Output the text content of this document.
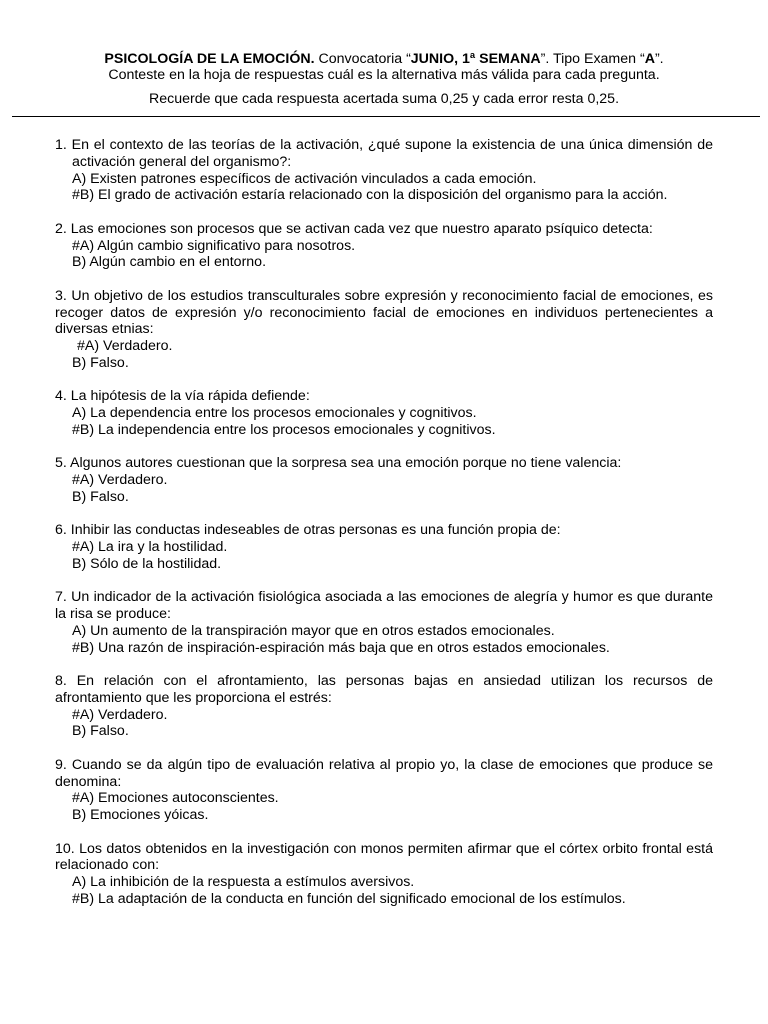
PSICOLOGÍA DE LA EMOCIÓN. Convocatoria “JUNIO, 1ª SEMANA”. Tipo Examen “A”.
Conteste en la hoja de respuestas cuál es la alternativa más válida para cada pregunta.
Recuerde que cada respuesta acertada suma 0,25 y cada error resta 0,25.
1. En el contexto de las teorías de la activación, ¿qué supone la existencia de una única dimensión de activación general del organismo?:
A) Existen patrones específicos de activación vinculados a cada emoción.
#B) El grado de activación estaría relacionado con la disposición del organismo para la acción.
2. Las emociones son procesos que se activan cada vez que nuestro aparato psíquico detecta:
#A) Algún cambio significativo para nosotros.
B) Algún cambio en el entorno.
3. Un objetivo de los estudios transculturales sobre expresión y reconocimiento facial de emociones, es recoger datos de expresión y/o reconocimiento facial de emociones en individuos pertenecientes a diversas etnias:
#A) Verdadero.
B) Falso.
4. La hipótesis de la vía rápida defiende:
A) La dependencia entre los procesos emocionales y cognitivos.
#B) La independencia entre los procesos emocionales y cognitivos.
5. Algunos autores cuestionan que la sorpresa sea una emoción porque no tiene valencia:
#A) Verdadero.
B) Falso.
6. Inhibir las conductas indeseables de otras personas es una función propia de:
#A) La ira y la hostilidad.
B) Sólo de la hostilidad.
7. Un indicador de la activación fisiológica asociada a las emociones de alegría y humor es que durante la risa se produce:
A) Un aumento de la transpiración mayor que en otros estados emocionales.
#B) Una razón de inspiración-espiración más baja que en otros estados emocionales.
8. En relación con el afrontamiento, las personas bajas en ansiedad utilizan los recursos de afrontamiento que les proporciona el estrés:
#A) Verdadero.
B) Falso.
9. Cuando se da algún tipo de evaluación relativa al propio yo, la clase de emociones que produce se denomina:
#A) Emociones autoconscientes.
B) Emociones yóicas.
10. Los datos obtenidos en la investigación con monos permiten afirmar que el córtex orbito frontal está relacionado con:
A) La inhibición de la respuesta a estímulos aversivos.
#B) La adaptación de la conducta en función del significado emocional de los estímulos.
